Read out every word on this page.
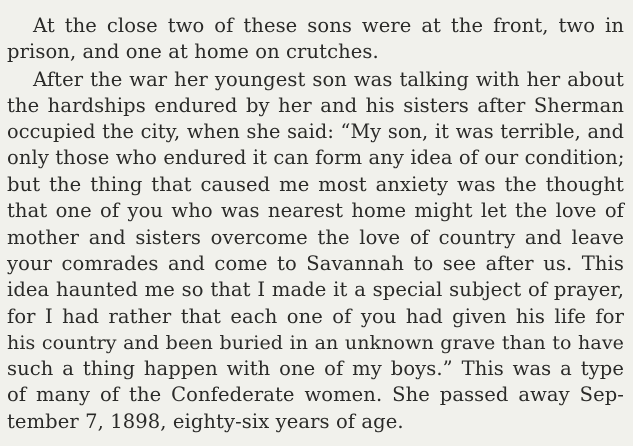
At the close two of these sons were at the front, two in
prison, and one at home on crutches.
After the war her youngest son was talking with her about
the hardships endured by her and his sisters after Sherman
occupied the city, when she said: “My son, it was terrible, and
only those who endured it can form any idea of our condition;
but the thing that caused me most anxiety was the thought
that one of you who was nearest home might let the love of
mother and sisters overcome the love of country and leave
your comrades and come to Savannah to see after us. This
idea haunted me so that I made it a special subject of prayer,
for I had rather that each one of you had given his life for
his country and been buried in an unknown grave than to have
such a thing happen with one of my boys.” This was a type
of many of the Confederate women. She passed away Sep-
tember 7, 1898, eighty-six years of age.
